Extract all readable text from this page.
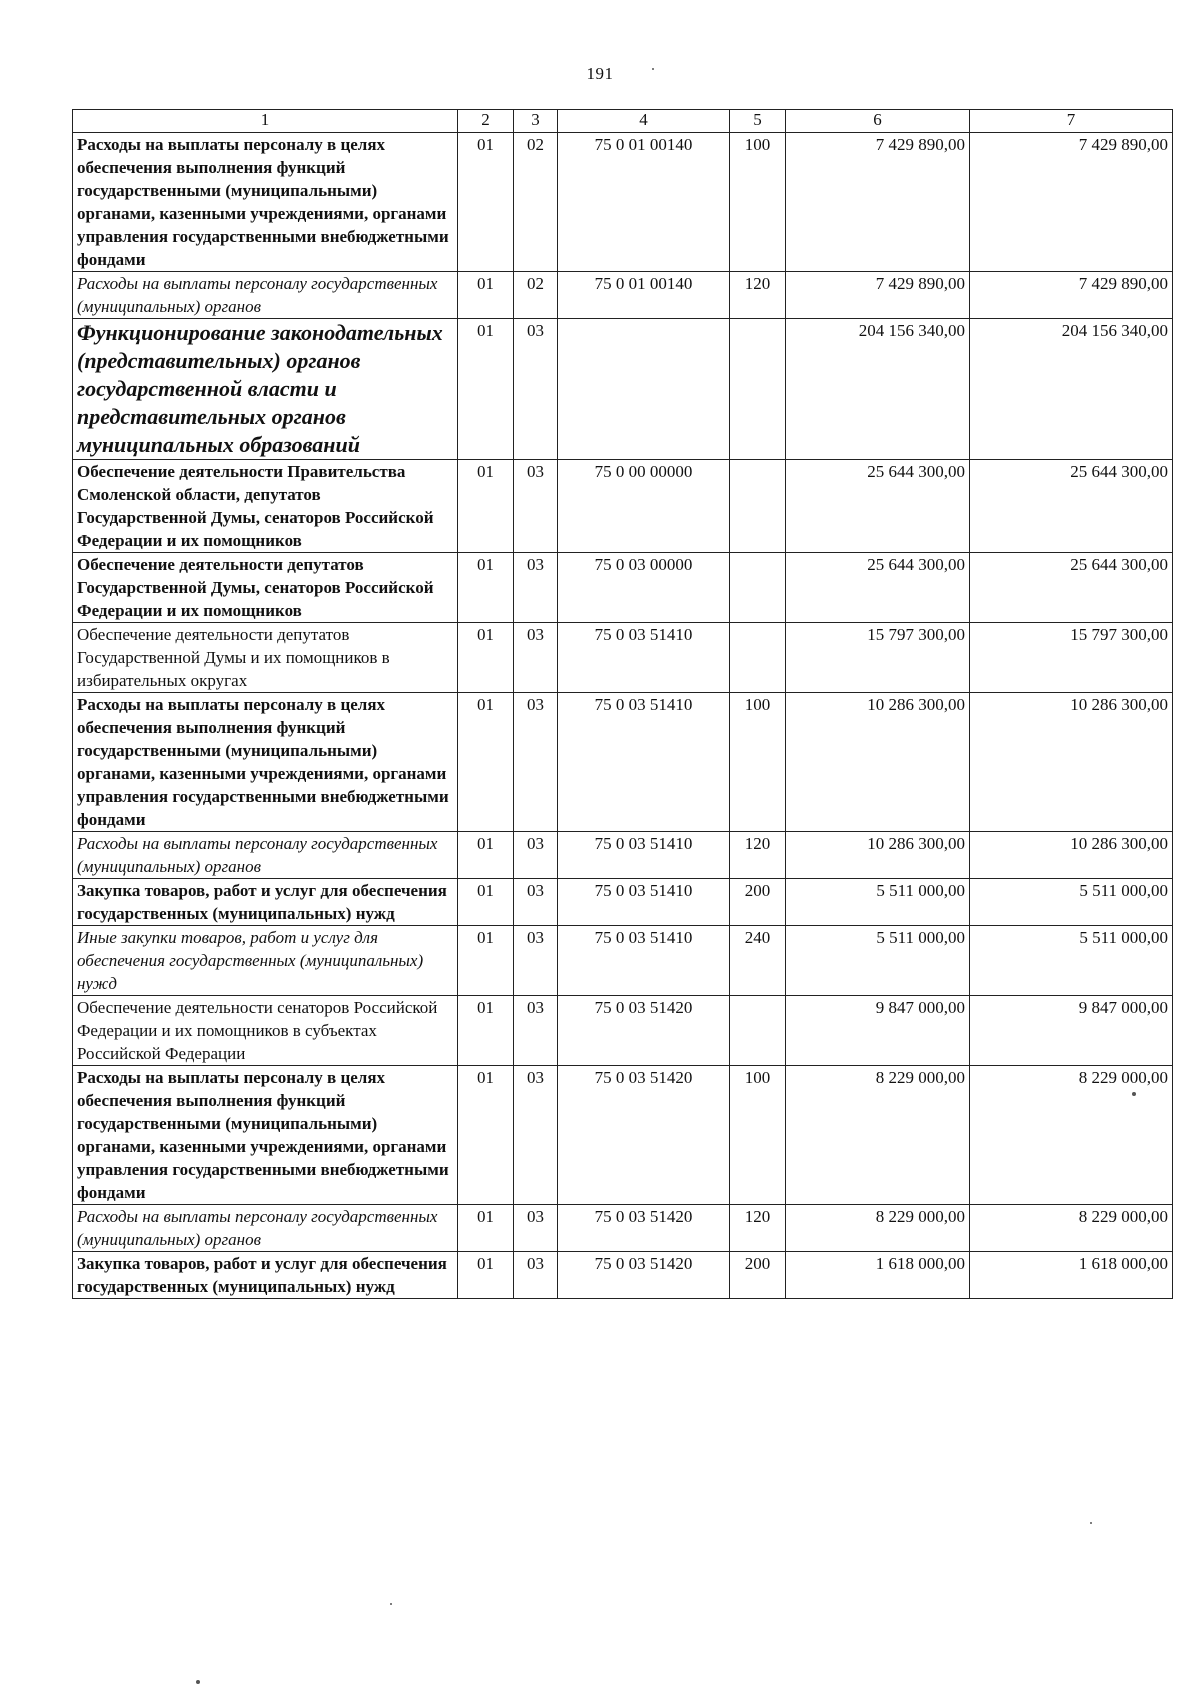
191
1	2	3	4	5	6	7
Расходы на выплаты персоналу в целях обеспечения выполнения функций государственными (муниципальными) органами, казенными учреждениями, органами управления государственными внебюджетными фондами	01	02	75 0 01 00140	100	7 429 890,00	7 429 890,00
Расходы на выплаты персоналу государственных (муниципальных) органов	01	02	75 0 01 00140	120	7 429 890,00	7 429 890,00
Функционирование законодательных (представительных) органов государственной власти и представительных органов муниципальных образований	01	03			204 156 340,00	204 156 340,00
Обеспечение деятельности Правительства Смоленской области, депутатов Государственной Думы, сенаторов Российской Федерации и их помощников	01	03	75 0 00 00000		25 644 300,00	25 644 300,00
Обеспечение деятельности депутатов Государственной Думы, сенаторов Российской Федерации и их помощников	01	03	75 0 03 00000		25 644 300,00	25 644 300,00
Обеспечение деятельности депутатов Государственной Думы и их помощников в избирательных округах	01	03	75 0 03 51410		15 797 300,00	15 797 300,00
Расходы на выплаты персоналу в целях обеспечения выполнения функций государственными (муниципальными) органами, казенными учреждениями, органами управления государственными внебюджетными фондами	01	03	75 0 03 51410	100	10 286 300,00	10 286 300,00
Расходы на выплаты персоналу государственных (муниципальных) органов	01	03	75 0 03 51410	120	10 286 300,00	10 286 300,00
Закупка товаров, работ и услуг для обеспечения государственных (муниципальных) нужд	01	03	75 0 03 51410	200	5 511 000,00	5 511 000,00
Иные закупки товаров, работ и услуг для обеспечения государственных (муниципальных) нужд	01	03	75 0 03 51410	240	5 511 000,00	5 511 000,00
Обеспечение деятельности сенаторов Российской Федерации и их помощников в субъектах Российской Федерации	01	03	75 0 03 51420		9 847 000,00	9 847 000,00
Расходы на выплаты персоналу в целях обеспечения выполнения функций государственными (муниципальными) органами, казенными учреждениями, органами управления государственными внебюджетными фондами	01	03	75 0 03 51420	100	8 229 000,00	8 229 000,00
Расходы на выплаты персоналу государственных (муниципальных) органов	01	03	75 0 03 51420	120	8 229 000,00	8 229 000,00
Закупка товаров, работ и услуг для обеспечения государственных (муниципальных) нужд	01	03	75 0 03 51420	200	1 618 000,00	1 618 000,00
